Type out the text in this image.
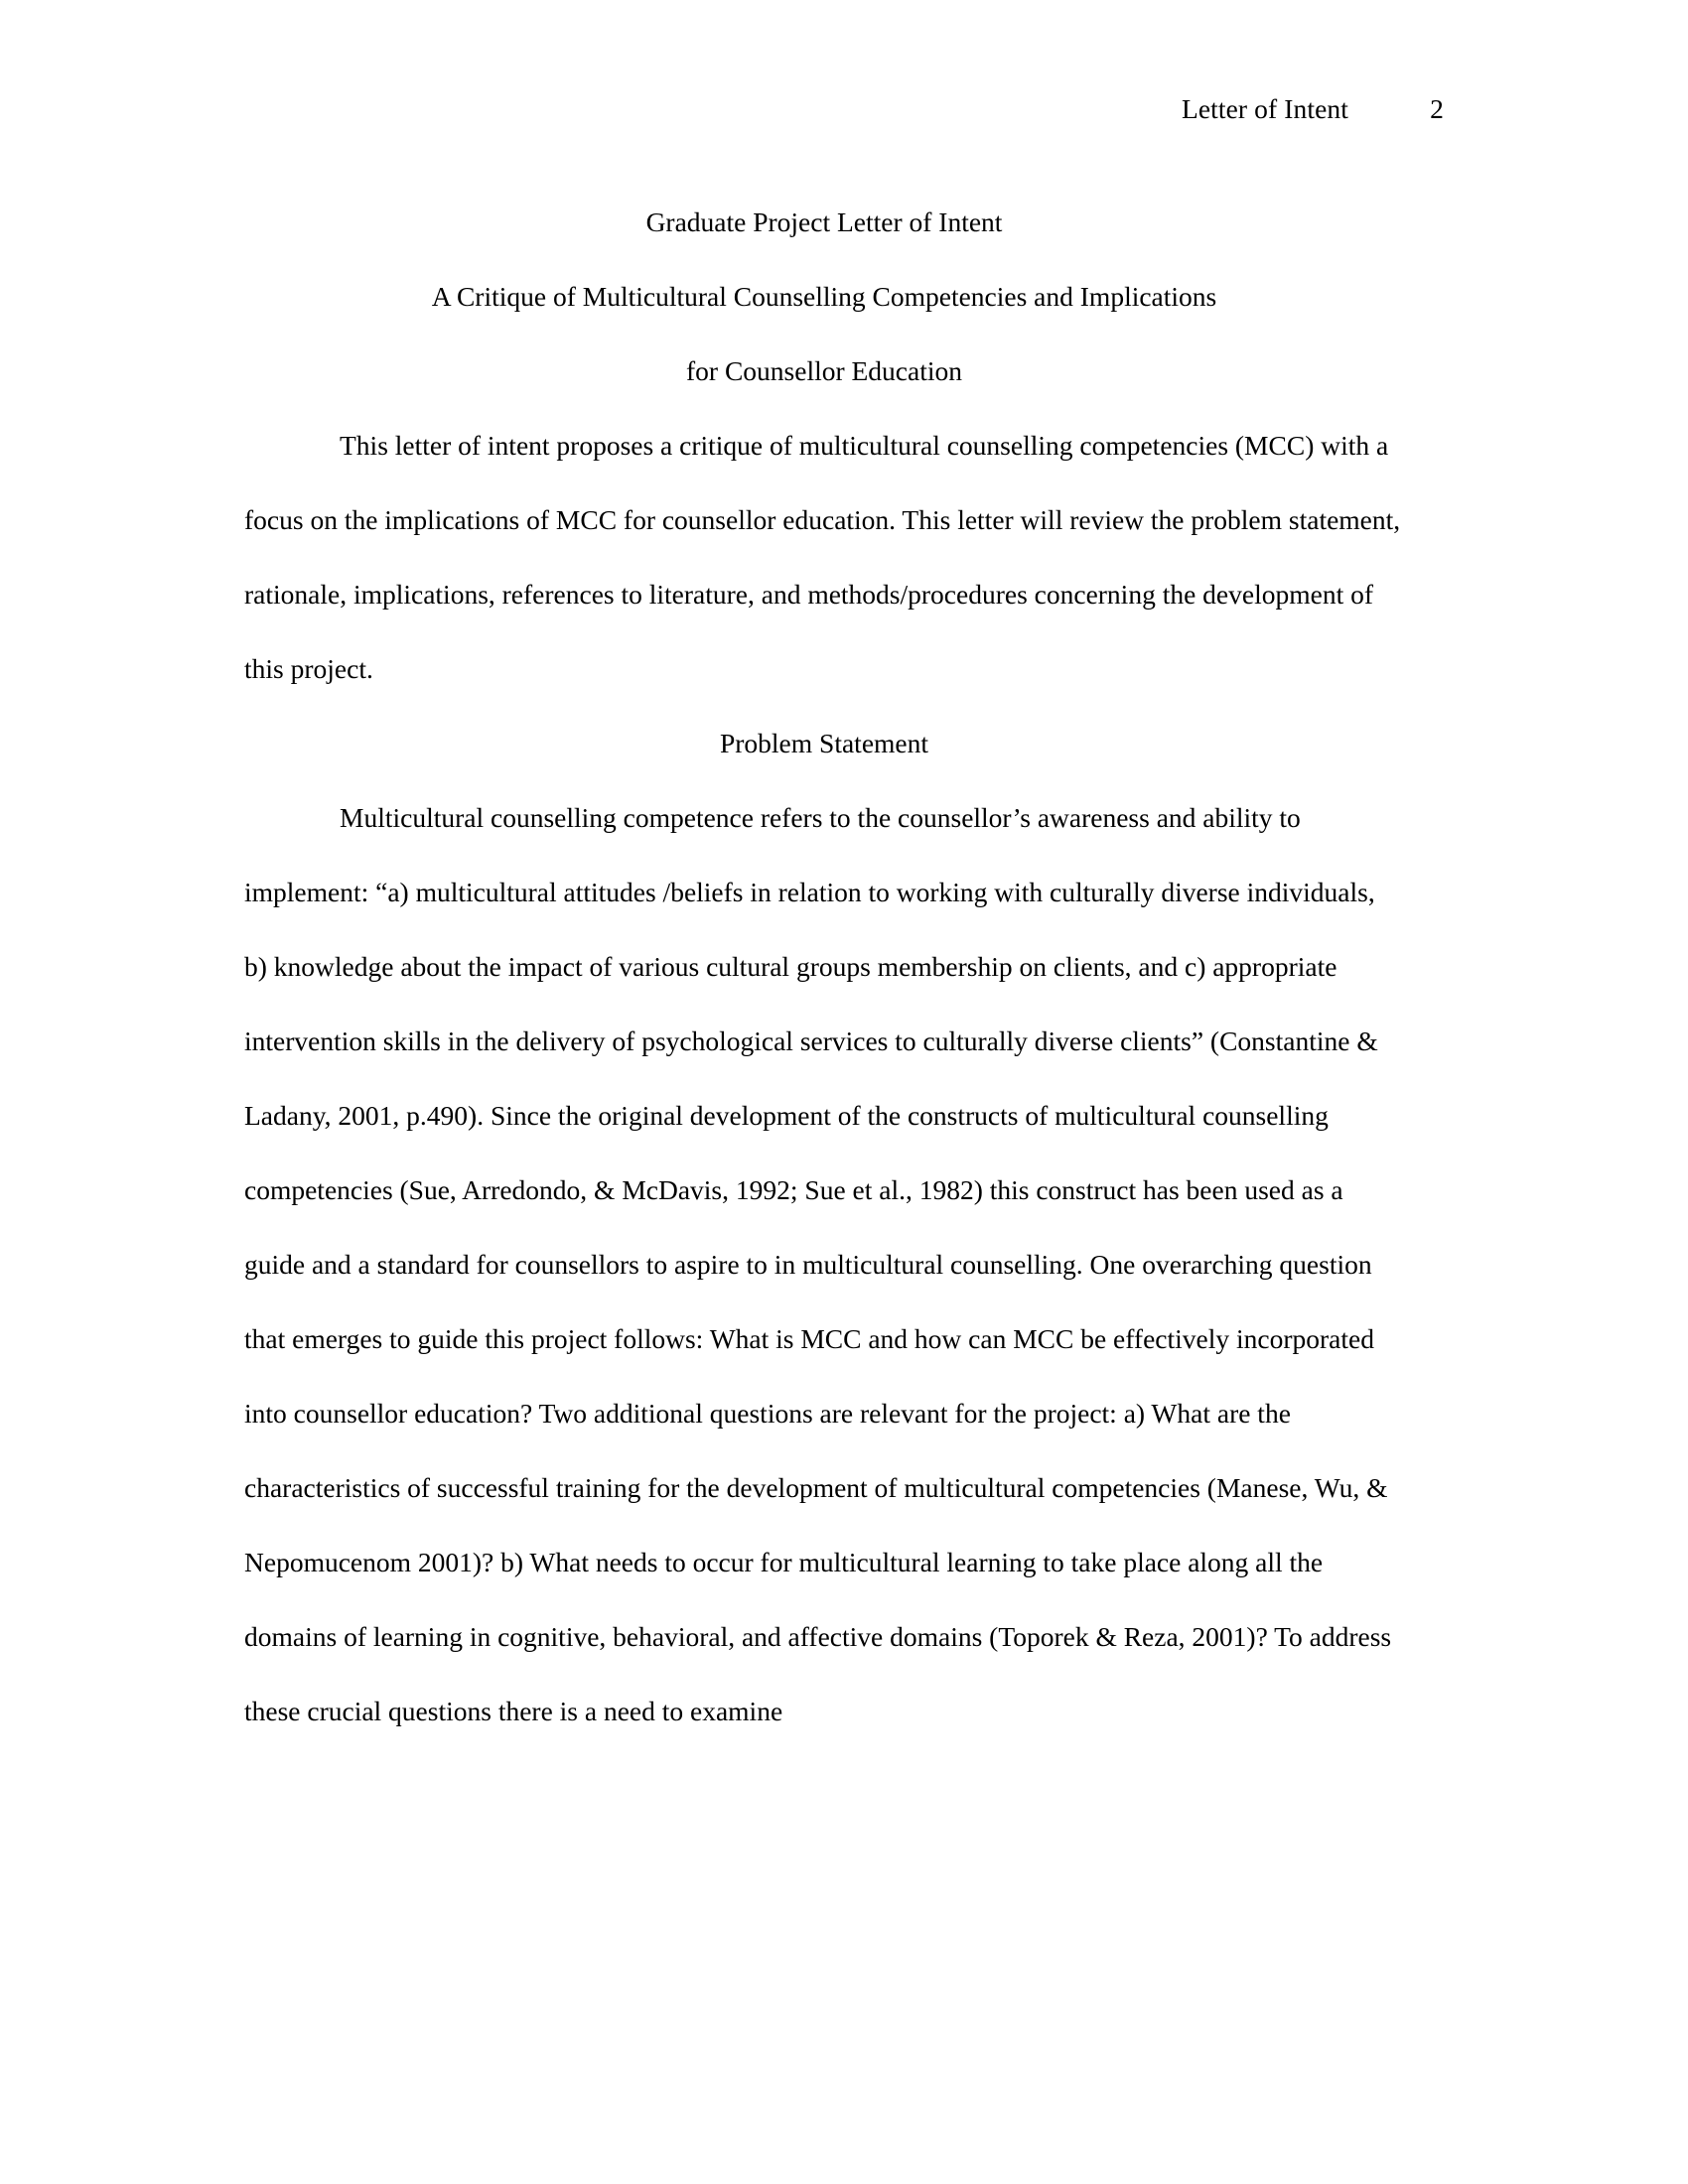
Letter of Intent	2
Graduate Project Letter of Intent
A Critique of Multicultural Counselling Competencies and Implications
for Counsellor Education

This letter of intent proposes a critique of multicultural counselling competencies (MCC) with a focus on the implications of MCC for counsellor education. This letter will review the problem statement, rationale, implications, references to literature, and methods/procedures concerning the development of this project.

Problem Statement

Multicultural counselling competence refers to the counsellor’s awareness and ability to implement: “a) multicultural attitudes /beliefs in relation to working with culturally diverse individuals, b) knowledge about the impact of various cultural groups membership on clients, and c) appropriate intervention skills in the delivery of psychological services to culturally diverse clients” (Constantine & Ladany, 2001, p.490). Since the original development of the constructs of multicultural counselling competencies (Sue, Arredondo, & McDavis, 1992; Sue et al., 1982) this construct has been used as a guide and a standard for counsellors to aspire to in multicultural counselling. One overarching question that emerges to guide this project follows: What is MCC and how can MCC be effectively incorporated into counsellor education? Two additional questions are relevant for the project: a) What are the characteristics of successful training for the development of multicultural competencies (Manese, Wu, & Nepomucenom 2001)? b) What needs to occur for multicultural learning to take place along all the domains of learning in cognitive, behavioral, and affective domains (Toporek & Reza, 2001)? To address these crucial questions there is a need to examine
